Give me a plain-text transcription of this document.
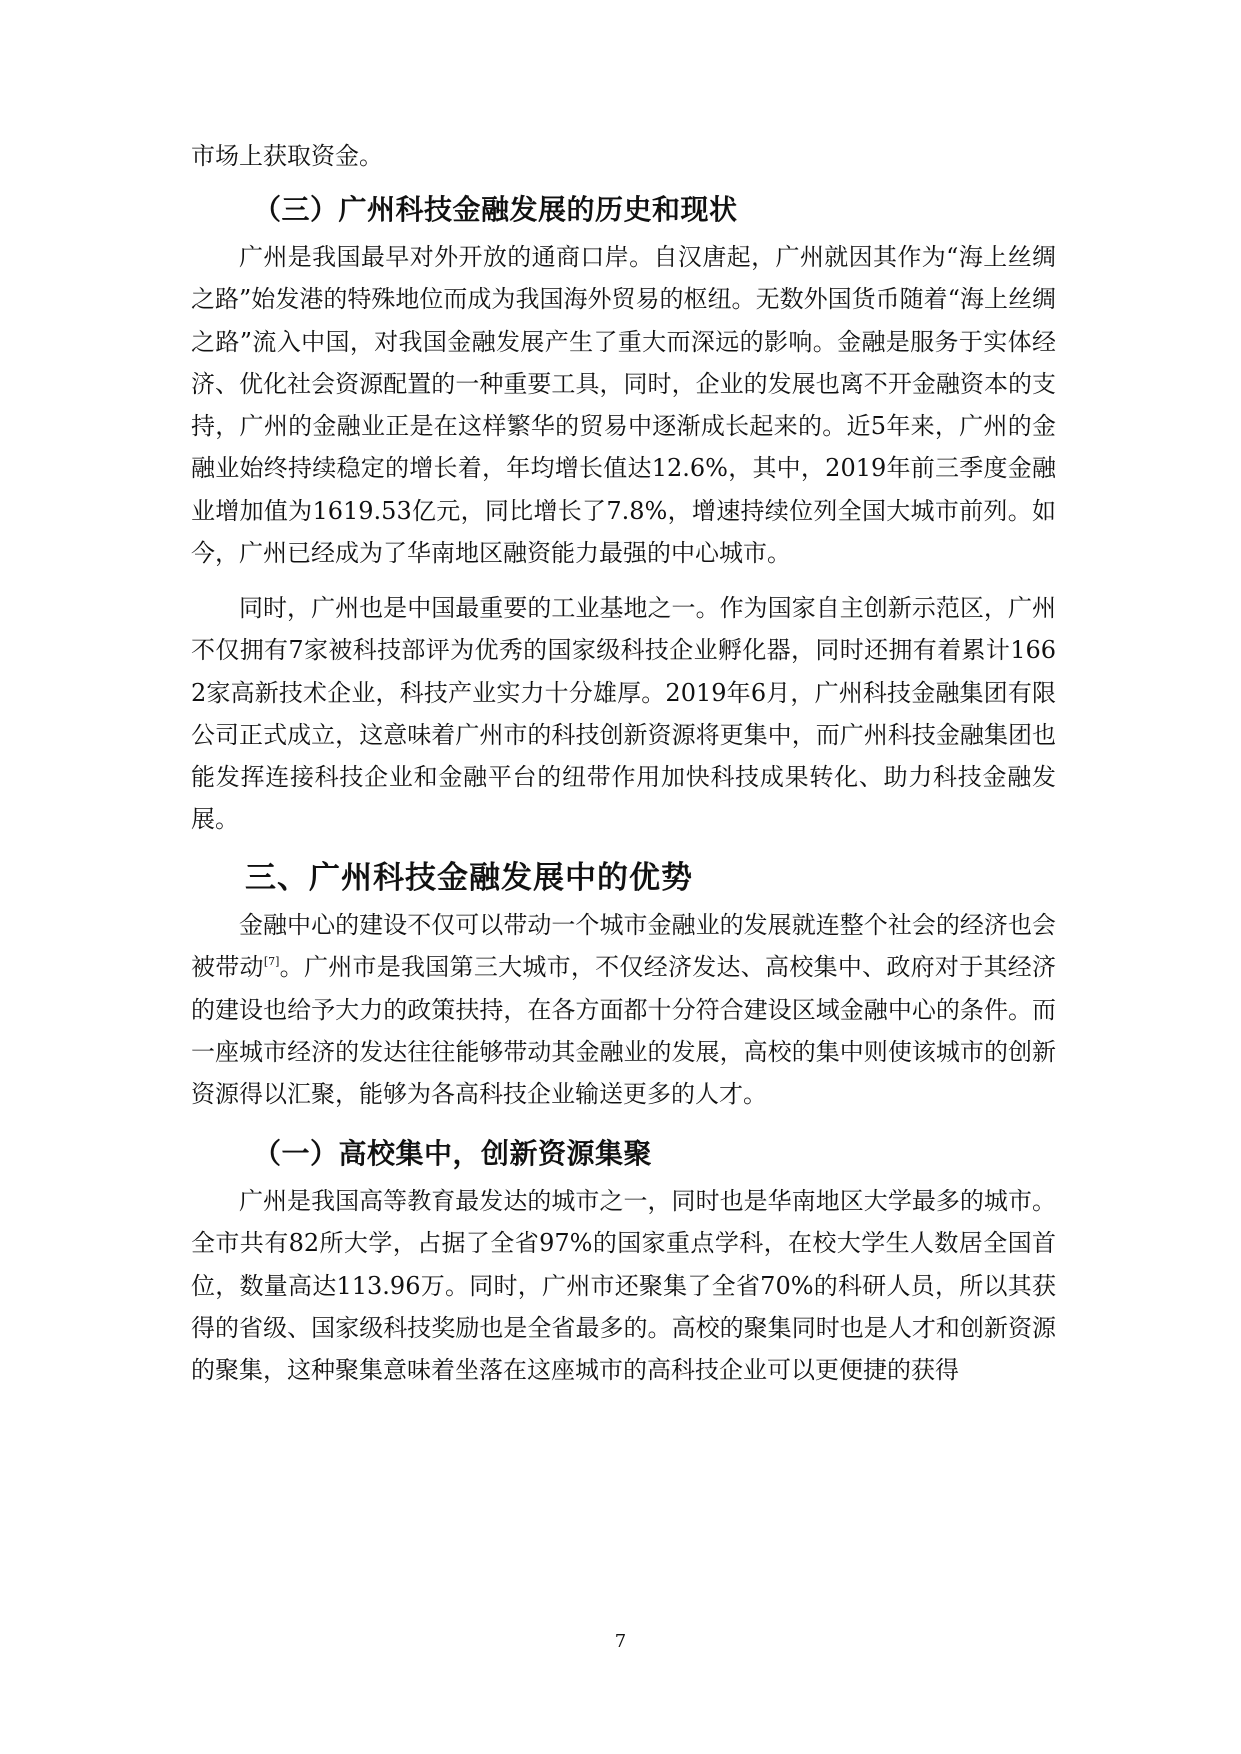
市场上获取资金。
（三）广州科技金融发展的历史和现状
广州是我国最早对外开放的通商口岸。自汉唐起，广州就因其作为“海上丝绸之路”始发港的特殊地位而成为我国海外贸易的枢纽。无数外国货币随着“海上丝绸之路”流入中国，对我国金融发展产生了重大而深远的影响。金融是服务于实体经济、优化社会资源配置的一种重要工具，同时，企业的发展也离不开金融资本的支持，广州的金融业正是在这样繁华的贸易中逐渐成长起来的。近5年来，广州的金融业始终持续稳定的增长着，年均增长值达12.6%，其中，2019年前三季度金融业增加值为1619.53亿元，同比增长了7.8%，增速持续位列全国大城市前列。如今，广州已经成为了华南地区融资能力最强的中心城市。
同时，广州也是中国最重要的工业基地之一。作为国家自主创新示范区，广州不仅拥有7家被科技部评为优秀的国家级科技企业孵化器，同时还拥有着累计1662家高新技术企业，科技产业实力十分雄厚。2019年6月，广州科技金融集团有限公司正式成立，这意味着广州市的科技创新资源将更集中，而广州科技金融集团也能发挥连接科技企业和金融平台的纽带作用加快科技成果转化、助力科技金融发展。
三、广州科技金融发展中的优势
金融中心的建设不仅可以带动一个城市金融业的发展就连整个社会的经济也会被带动[7]。广州市是我国第三大城市，不仅经济发达、高校集中、政府对于其经济的建设也给予大力的政策扶持，在各方面都十分符合建设区域金融中心的条件。而一座城市经济的发达往往能够带动其金融业的发展，高校的集中则使该城市的创新资源得以汇聚，能够为各高科技企业输送更多的人才。
（一）高校集中，创新资源集聚
广州是我国高等教育最发达的城市之一，同时也是华南地区大学最多的城市。全市共有82所大学，占据了全省97%的国家重点学科，在校大学生人数居全国首位，数量高达113.96万。同时，广州市还聚集了全省70%的科研人员，所以其获得的省级、国家级科技奖励也是全省最多的。高校的聚集同时也是人才和创新资源的聚集，这种聚集意味着坐落在这座城市的高科技企业可以更便捷的获得
7
